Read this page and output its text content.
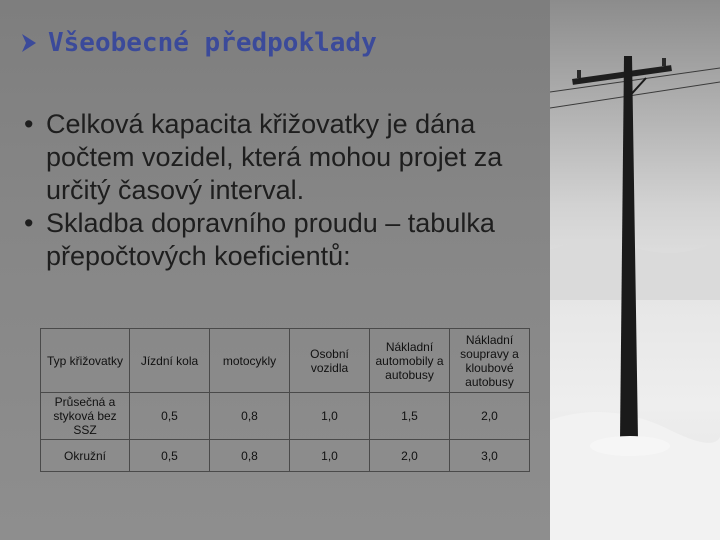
Všeobecné předpoklady
• Celková kapacita křižovatky je dána počtem vozidel, která mohou projet za určitý časový interval.
• Skladba dopravního proudu – tabulka přepočtových koeficientů:
Typ křižovatky	Jízdní kola	motocykly	Osobní vozidla	Nákladní automobily a autobusy	Nákladní soupravy a kloubové autobusy
Průsečná a styková bez SSZ	0,5	0,8	1,0	1,5	2,0
Okružní	0,5	0,8	1,0	2,0	3,0
